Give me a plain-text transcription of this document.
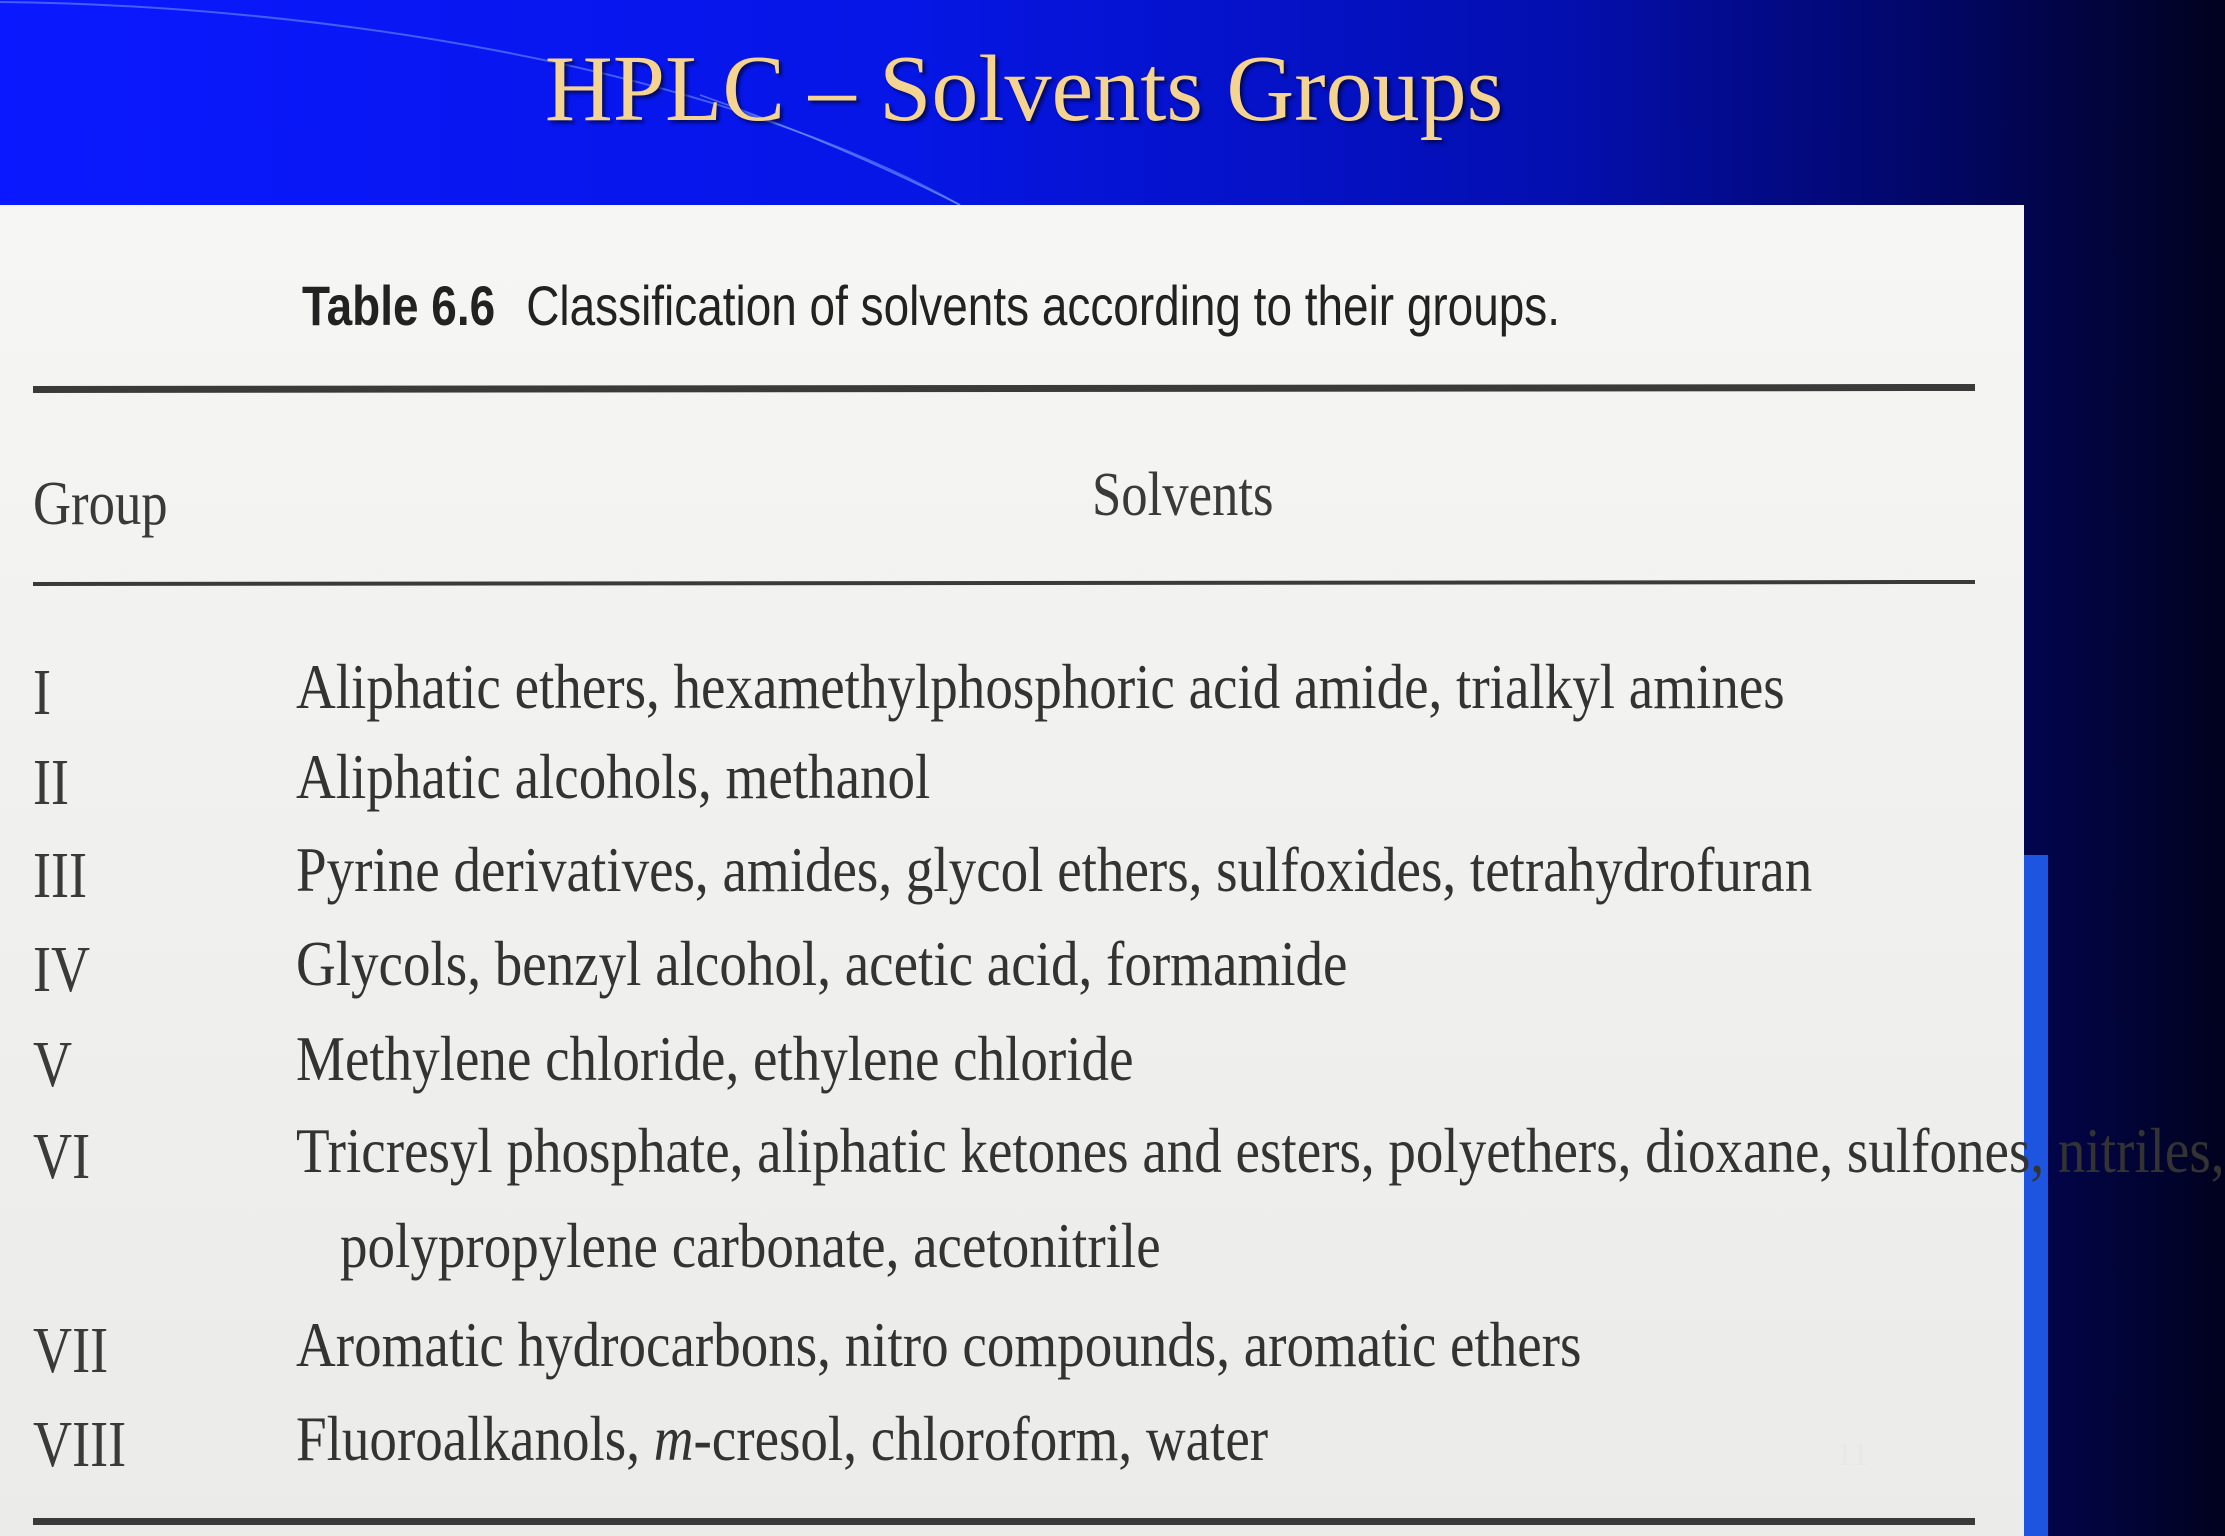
HPLC – Solvents Groups
Table 6.6 Classification of solvents according to their groups.
Group	Solvents
I	Aliphatic ethers, hexamethylphosphoric acid amide, trialkyl amines
II	Aliphatic alcohols, methanol
III	Pyrine derivatives, amides, glycol ethers, sulfoxides, tetrahydrofuran
IV	Glycols, benzyl alcohol, acetic acid, formamide
V	Methylene chloride, ethylene chloride
VI	Tricresyl phosphate, aliphatic ketones and esters, polyethers, dioxane, sulfones, nitriles,
polypropylene carbonate, acetonitrile
VII	Aromatic hydrocarbons, nitro compounds, aromatic ethers
VIII	Fluoroalkanols, m-cresol, chloroform, water	11
